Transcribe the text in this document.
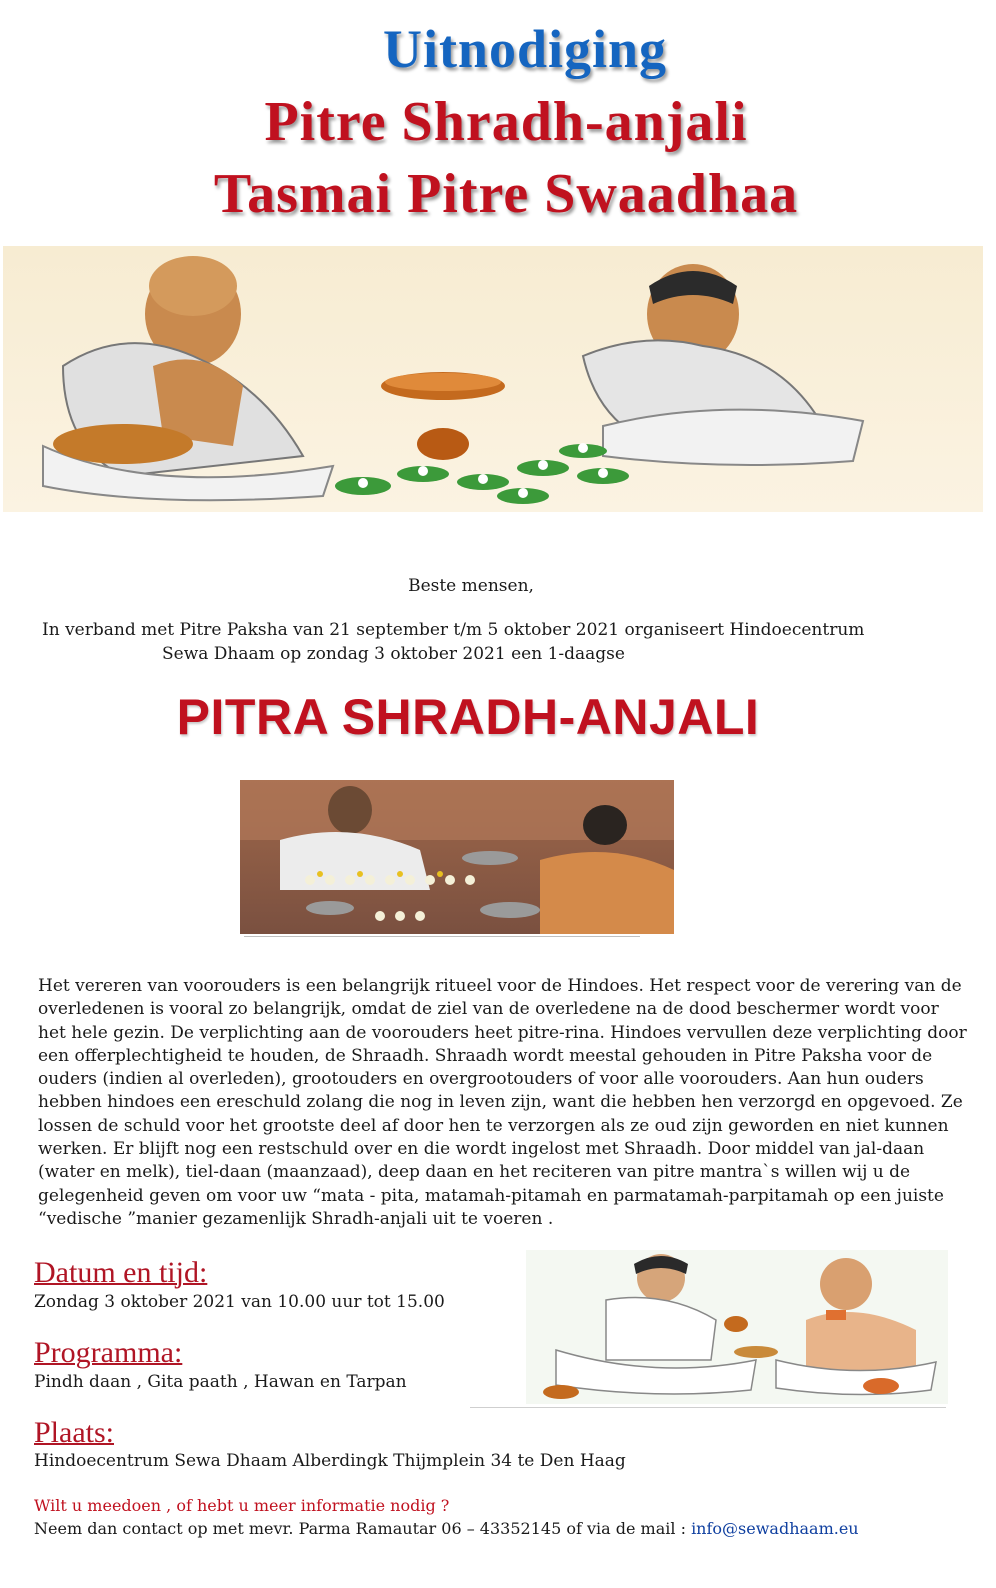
Uitnodiging
Pitre Shradh-anjali
Tasmai Pitre Swaadhaa
Beste mensen,
In verband met Pitre Paksha van 21 september t/m 5 oktober 2021 organiseert Hindoecentrum
Sewa Dhaam op zondag 3 oktober 2021 een 1-daagse
PITRA SHRADH-ANJALI
Het vereren van voorouders is een belangrijk ritueel voor de Hindoes. Het respect voor de verering van de
overledenen is vooral zo belangrijk, omdat de ziel van de overledene na de dood beschermer wordt voor
het hele gezin. De verplichting aan de voorouders heet pitre-rina. Hindoes vervullen deze verplichting door
een offerplechtigheid te houden, de Shraadh. Shraadh wordt meestal gehouden in Pitre Paksha voor de
ouders (indien al overleden), grootouders en overgrootouders of voor alle voorouders. Aan hun ouders
hebben hindoes een ereschuld zolang die nog in leven zijn, want die hebben hen verzorgd en opgevoed. Ze
lossen de schuld voor het grootste deel af door hen te verzorgen als ze oud zijn geworden en niet kunnen
werken. Er blijft nog een restschuld over en die wordt ingelost met Shraadh. Door middel van jal-daan
(water en melk), tiel-daan (maanzaad), deep daan en het reciteren van pitre mantra`s willen wij u de
gelegenheid geven om voor uw “mata - pita, matamah-pitamah en parmatamah-parpitamah op een juiste
“vedische ”manier gezamenlijk Shradh-anjali uit te voeren .
Datum en tijd:
Zondag 3 oktober 2021 van 10.00 uur tot 15.00
Programma:
Pindh daan , Gita paath , Hawan en Tarpan
Plaats:
Hindoecentrum Sewa Dhaam Alberdingk Thijmplein 34 te Den Haag
Wilt u meedoen , of hebt u meer informatie nodig ?
Neem dan contact op met mevr. Parma Ramautar 06 – 43352145 of via de mail : info@sewadhaam.eu
